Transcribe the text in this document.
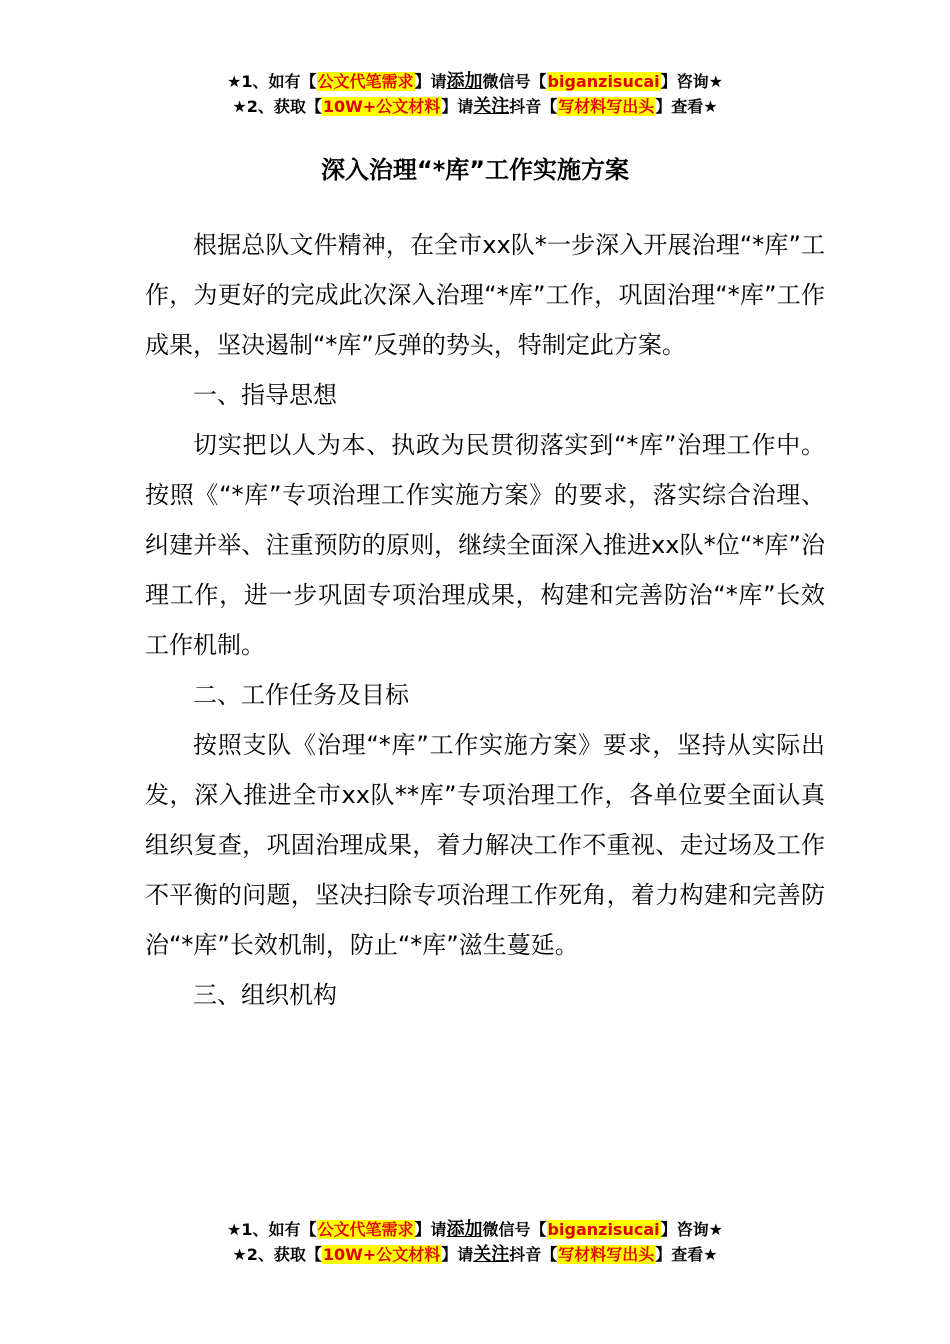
★1、如有【公文代笔需求】请添加微信号【biganzisucai】咨询★
★2、获取【10W+公文材料】请关注抖音【写材料写出头】查看★
深入治理“*库”工作实施方案

根据总队文件精神，在全市xx队*一步深入开展治理“*库”工作，为更好的完成此次深入治理“*库”工作，巩固治理“*库”工作成果，坚决遏制“*库”反弹的势头，特制定此方案。

一、指导思想

切实把以人为本、执政为民贯彻落实到“*库”治理工作中。按照《“*库”专项治理工作实施方案》的要求，落实综合治理、纠建并举、注重预防的原则，继续全面深入推进xx队*位“*库”治理工作，进一步巩固专项治理成果，构建和完善防治“*库”长效工作机制。

二、工作任务及目标

按照支队《治理“*库”工作实施方案》要求，坚持从实际出发，深入推进全市xx队**库”专项治理工作，各单位要全面认真组织复查，巩固治理成果，着力解决工作不重视、走过场及工作不平衡的问题，坚决扫除专项治理工作死角，着力构建和完善防治“*库”长效机制，防止“*库”滋生蔓延。

三、组织机构

★1、如有【公文代笔需求】请添加微信号【biganzisucai】咨询★
★2、获取【10W+公文材料】请关注抖音【写材料写出头】查看★
